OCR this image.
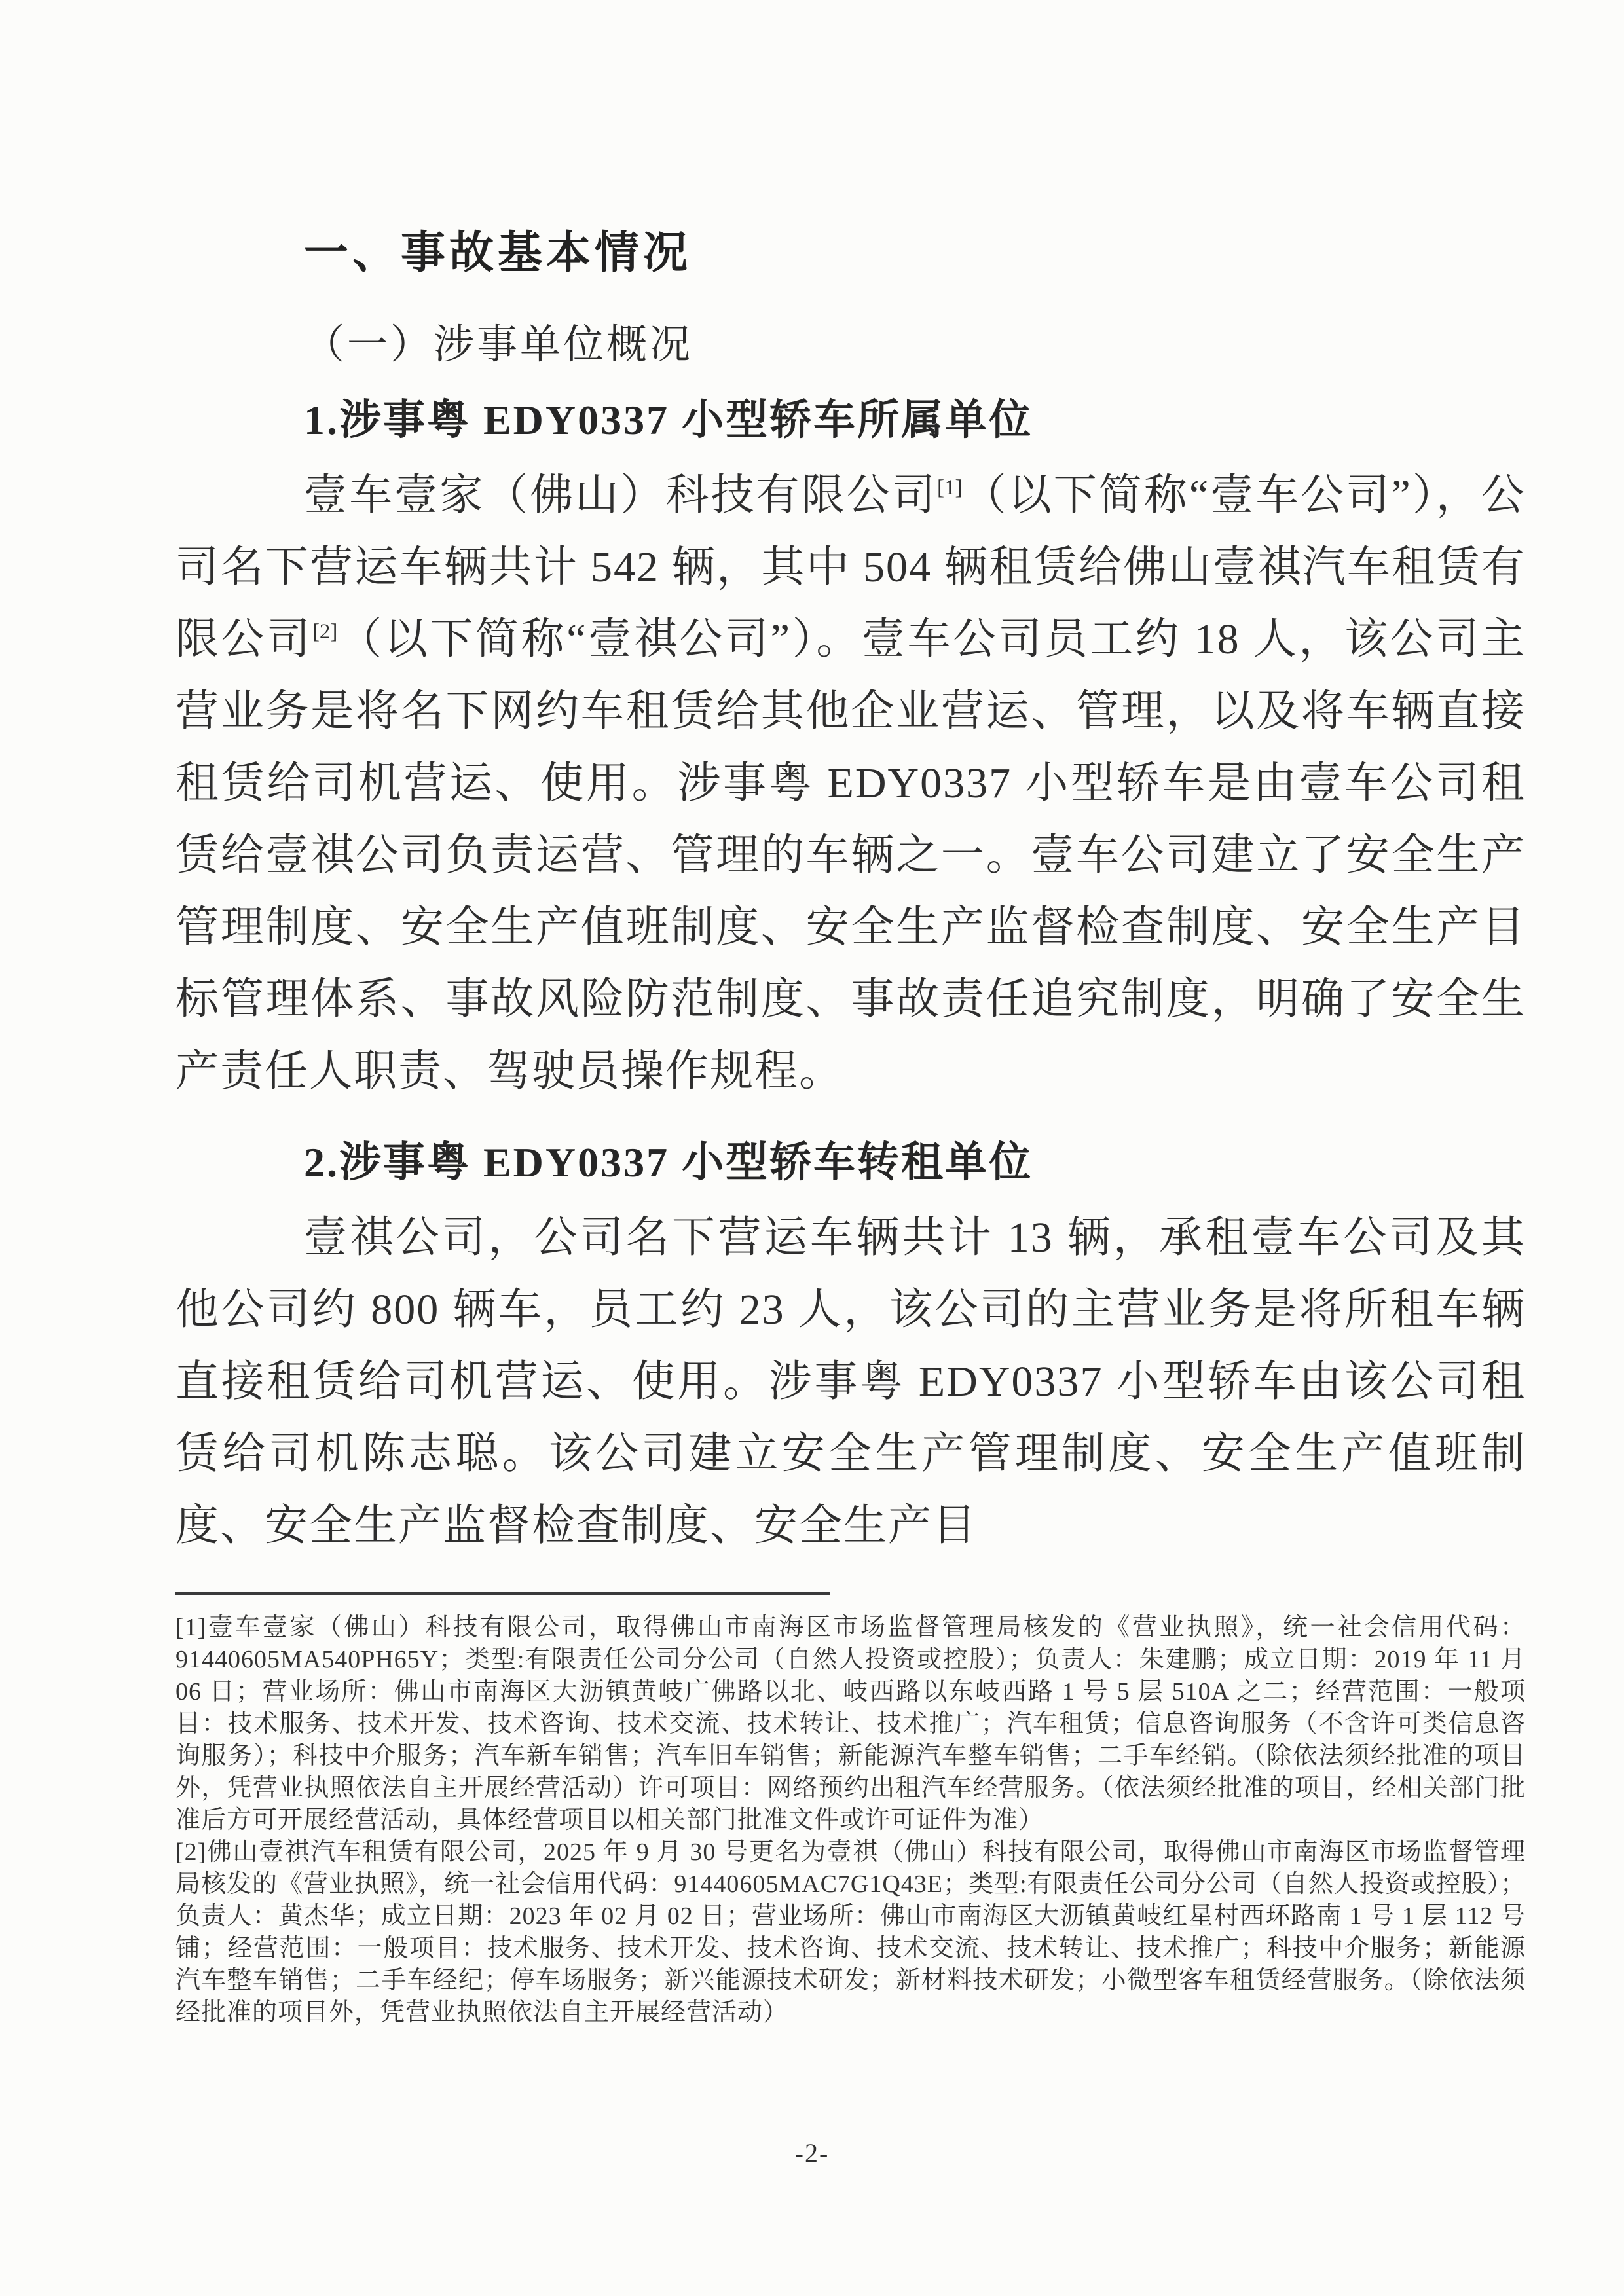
一、事故基本情况
（一）涉事单位概况
1.涉事粤 EDY0337 小型轿车所属单位

壹车壹家（佛山）科技有限公司[1]（以下简称“壹车公司”），公司名下营运车辆共计 542 辆，其中 504 辆租赁给佛山壹祺汽车租赁有限公司[2]（以下简称“壹祺公司”）。壹车公司员工约 18 人，该公司主营业务是将名下网约车租赁给其他企业营运、管理，以及将车辆直接租赁给司机营运、使用。涉事粤 EDY0337 小型轿车是由壹车公司租赁给壹祺公司负责运营、管理的车辆之一。壹车公司建立了安全生产管理制度、安全生产值班制度、安全生产监督检查制度、安全生产目标管理体系、事故风险防范制度、事故责任追究制度，明确了安全生产责任人职责、驾驶员操作规程。

2.涉事粤 EDY0337 小型轿车转租单位

壹祺公司，公司名下营运车辆共计 13 辆，承租壹车公司及其他公司约 800 辆车，员工约 23 人，该公司的主营业务是将所租车辆直接租赁给司机营运、使用。涉事粤 EDY0337 小型轿车由该公司租赁给司机陈志聪。该公司建立安全生产管理制度、安全生产值班制度、安全生产监督检查制度、安全生产目

[1]壹车壹家（佛山）科技有限公司，取得佛山市南海区市场监督管理局核发的《营业执照》，统一社会信用代码：91440605MA540PH65Y；类型:有限责任公司分公司（自然人投资或控股）；负责人：朱建鹏；成立日期：2019 年 11 月 06 日；营业场所：佛山市南海区大沥镇黄岐广佛路以北、岐西路以东岐西路 1 号 5 层 510A 之二；经营范围：一般项目：技术服务、技术开发、技术咨询、技术交流、技术转让、技术推广；汽车租赁；信息咨询服务（不含许可类信息咨询服务）；科技中介服务；汽车新车销售；汽车旧车销售；新能源汽车整车销售；二手车经销。（除依法须经批准的项目外，凭营业执照依法自主开展经营活动）许可项目：网络预约出租汽车经营服务。（依法须经批准的项目，经相关部门批准后方可开展经营活动，具体经营项目以相关部门批准文件或许可证件为准）

[2]佛山壹祺汽车租赁有限公司，2025 年 9 月 30 号更名为壹祺（佛山）科技有限公司，取得佛山市南海区市场监督管理局核发的《营业执照》，统一社会信用代码：91440605MAC7G1Q43E；类型:有限责任公司分公司（自然人投资或控股）；负责人：黄杰华；成立日期：2023 年 02 月 02 日；营业场所：佛山市南海区大沥镇黄岐红星村西环路南 1 号 1 层 112 号铺；经营范围：一般项目：技术服务、技术开发、技术咨询、技术交流、技术转让、技术推广；科技中介服务；新能源汽车整车销售；二手车经纪；停车场服务；新兴能源技术研发；新材料技术研发；小微型客车租赁经营服务。（除依法须经批准的项目外，凭营业执照依法自主开展经营活动）

-2-
